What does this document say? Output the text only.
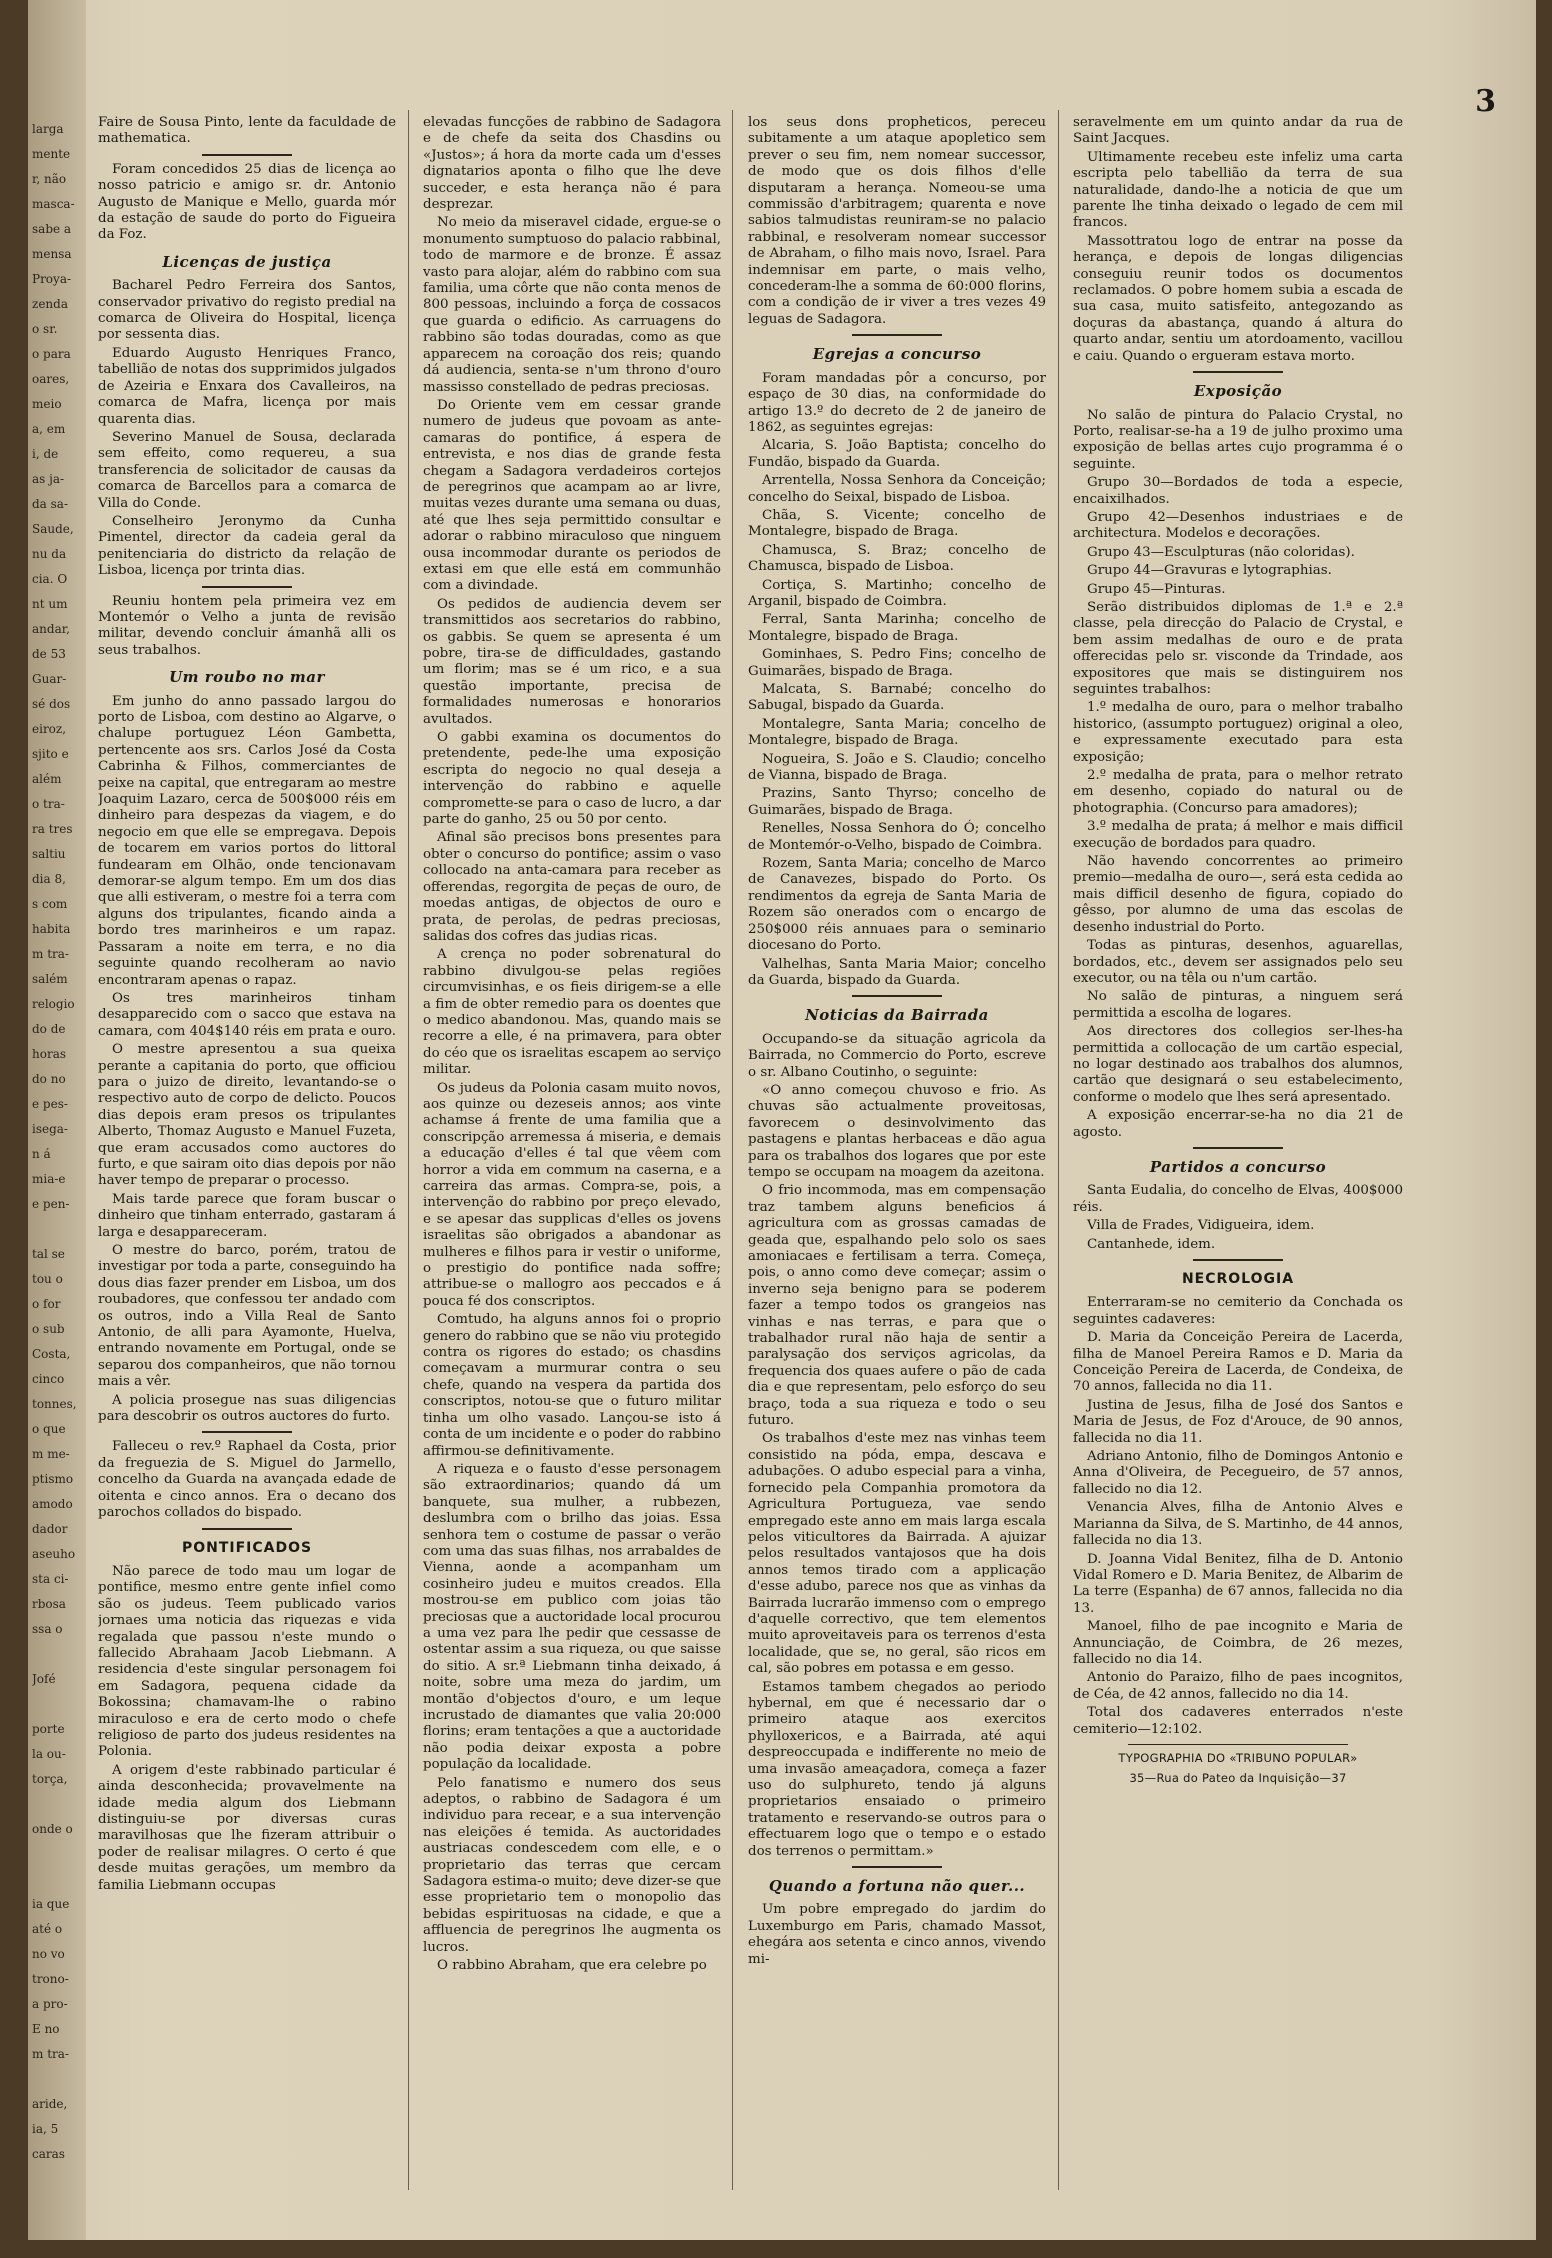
larga
mente
r, não
masca-
sabe a
mensa
Proya-
zenda
o sr.
o para
oares,
meio
a, em
i, de
as ja-
da sa-
Saude,
nu da
cia. O
nt um
andar,
de 53
Guar-
sé dos
eiroz,
sjito e
além
o tra-
ra tres
saltiu
dia 8,
s com
habita
m tra-
salém
relogio
do de
horas
do no
e pes-
isega-
n á
mia-e
e pen-
tal se
tou o
o for
o sub
Costa,
cinco
tonnes,
o que
m me-
ptismo
amodo
dador
aseuho
sta ci-
rbosa
ssa o
Jofé
porte
la ou-
torça,
onde o
ia que
até o
no vo
trono-
a pro-
E no
m tra-
aride,
ia, 5
caras
3

Faire de Sousa Pinto, lente da faculdade de mathematica.

Foram concedidos 25 dias de licença ao nosso patricio e amigo sr. dr. Antonio Augusto de Manique e Mello, guarda mór da estação de saude do porto do Figueira da Foz.

Licenças de justiça

Bacharel Pedro Ferreira dos Santos, conservador privativo do registo predial na comarca de Oliveira do Hospital, licença por sessenta dias.

Eduardo Augusto Henriques Franco, tabellião de notas dos supprimidos julgados de Azeiria e Enxara dos Cavalleiros, na comarca de Mafra, licença por mais quarenta dias.

Severino Manuel de Sousa, declarada sem effeito, como requereu, a sua transferencia de solicitador de causas da comarca de Barcellos para a comarca de Villa do Conde.

Conselheiro Jeronymo da Cunha Pimentel, director da cadeia geral da penitenciaria do districto da relação de Lisboa, licença por trinta dias.

Reuniu hontem pela primeira vez em Montemór o Velho a junta de revisão militar, devendo concluir ámanhã alli os seus trabalhos.

Um roubo no mar

Em junho do anno passado largou do porto de Lisboa, com destino ao Algarve, o chalupe portuguez Léon Gambetta, pertencente aos srs. Carlos José da Costa Cabrinha & Filhos, commerciantes de peixe na capital, que entregaram ao mestre Joaquim Lazaro, cerca de 500$000 réis em dinheiro para despezas da viagem, e do negocio em que elle se empregava. Depois de tocarem em varios portos do littoral fundearam em Olhão, onde tencionavam demorar-se algum tempo. Em um dos dias que alli estiveram, o mestre foi a terra com alguns dos tripulantes, ficando ainda a bordo tres marinheiros e um rapaz. Passaram a noite em terra, e no dia seguinte quando recolheram ao navio encontraram apenas o rapaz.

Os tres marinheiros tinham desapparecido com o sacco que estava na camara, com 404$140 réis em prata e ouro.

O mestre apresentou a sua queixa perante a capitania do porto, que officiou para o juizo de direito, levantando-se o respectivo auto de corpo de delicto. Poucos dias depois eram presos os tripulantes Alberto, Thomaz Augusto e Manuel Fuzeta, que eram accusados como auctores do furto, e que sairam oito dias depois por não haver tempo de preparar o processo.

Mais tarde parece que foram buscar o dinheiro que tinham enterrado, gastaram á larga e desappareceram.

O mestre do barco, porém, tratou de investigar por toda a parte, conseguindo ha dous dias fazer prender em Lisboa, um dos roubadores, que confessou ter andado com os outros, indo a Villa Real de Santo Antonio, de alli para Ayamonte, Huelva, entrando novamente em Portugal, onde se separou dos companheiros, que não tornou mais a vêr.

A policia prosegue nas suas diligencias para descobrir os outros auctores do furto.

Falleceu o rev.º Raphael da Costa, prior da freguezia de S. Miguel do Jarmello, concelho da Guarda na avançada edade de oitenta e cinco annos. Era o decano dos parochos collados do bispado.

PONTIFICADOS

Não parece de todo mau um logar de pontifice, mesmo entre gente infiel como são os judeus. Teem publicado varios jornaes uma noticia das riquezas e vida regalada que passou n'este mundo o fallecido Abrahaam Jacob Liebmann. A residencia d'este singular personagem foi em Sadagora, pequena cidade da Bokossina; chamavam-lhe o rabino miraculoso e era de certo modo o chefe religioso de parto dos judeus residentes na Polonia.

A origem d'este rabbinado particular é ainda desconhecida; provavelmente na idade media algum dos Liebmann distinguiu-se por diversas curas maravilhosas que lhe fizeram attribuir o poder de realisar milagres. O certo é que desde muitas gerações, um membro da familia Liebmann occupas

elevadas funcções de rabbino de Sadagora e de chefe da seita dos Chasdins ou «Justos»; á hora da morte cada um d'esses dignatarios aponta o filho que lhe deve succeder, e esta herança não é para desprezar.

No meio da miseravel cidade, ergue-se o monumento sumptuoso do palacio rabbinal, todo de marmore e de bronze. É assaz vasto para alojar, além do rabbino com sua familia, uma côrte que não conta menos de 800 pessoas, incluindo a força de cossacos que guarda o edificio. As carruagens do rabbino são todas douradas, como as que apparecem na coroação dos reis; quando dá audiencia, senta-se n'um throno d'ouro massisso constellado de pedras preciosas.

Do Oriente vem em cessar grande numero de judeus que povoam as ante-camaras do pontifice, á espera de entrevista, e nos dias de grande festa chegam a Sadagora verdadeiros cortejos de peregrinos que acampam ao ar livre, muitas vezes durante uma semana ou duas, até que lhes seja permittido consultar e adorar o rabbino miraculoso que ninguem ousa incommodar durante os periodos de extasi em que elle está em communhão com a divindade.

Os pedidos de audiencia devem ser transmittidos aos secretarios do rabbino, os gabbis. Se quem se apresenta é um pobre, tira-se de difficuldades, gastando um florim; mas se é um rico, e a sua questão importante, precisa de formalidades numerosas e honorarios avultados.

O gabbi examina os documentos do pretendente, pede-lhe uma exposição escripta do negocio no qual deseja a intervenção do rabbino e aquelle compromette-se para o caso de lucro, a dar parte do ganho, 25 ou 50 por cento.

Afinal são precisos bons presentes para obter o concurso do pontifice; assim o vaso collocado na anta-camara para receber as offerendas, regorgita de peças de ouro, de moedas antigas, de objectos de ouro e prata, de perolas, de pedras preciosas, salidas dos cofres das judias ricas.

A crença no poder sobrenatural do rabbino divulgou-se pelas regiões circumvisinhas, e os fieis dirigem-se a elle a fim de obter remedio para os doentes que o medico abandonou. Mas, quando mais se recorre a elle, é na primavera, para obter do céo que os israelitas escapem ao serviço militar.

Os judeus da Polonia casam muito novos, aos quinze ou dezeseis annos; aos vinte achamse á frente de uma familia que a conscripção arremessa á miseria, e demais a educação d'elles é tal que vêem com horror a vida em commum na caserna, e a carreira das armas. Compra-se, pois, a intervenção do rabbino por preço elevado, e se apesar das supplicas d'elles os jovens israelitas são obrigados a abandonar as mulheres e filhos para ir vestir o uniforme, o prestigio do pontifice nada soffre; attribue-se o mallogro aos peccados e á pouca fé dos conscriptos.

Comtudo, ha alguns annos foi o proprio genero do rabbino que se não viu protegido contra os rigores do estado; os chasdins começavam a murmurar contra o seu chefe, quando na vespera da partida dos conscriptos, notou-se que o futuro militar tinha um olho vasado. Lançou-se isto á conta de um incidente e o poder do rabbino affirmou-se definitivamente.

A riqueza e o fausto d'esse personagem são extraordinarios; quando dá um banquete, sua mulher, a rubbezen, deslumbra com o brilho das joias. Essa senhora tem o costume de passar o verão com uma das suas filhas, nos arrabaldes de Vienna, aonde a acompanham um cosinheiro judeu e muitos creados. Ella mostrou-se em publico com joias tão preciosas que a auctoridade local procurou a uma vez para lhe pedir que cessasse de ostentar assim a sua riqueza, ou que saisse do sitio. A sr.ª Liebmann tinha deixado, á noite, sobre uma meza do jardim, um montão d'objectos d'ouro, e um leque incrustado de diamantes que valia 20:000 florins; eram tentações a que a auctoridade não podia deixar exposta a pobre população da localidade.

Pelo fanatismo e numero dos seus adeptos, o rabbino de Sadagora é um individuo para recear, e a sua intervenção nas eleições é temida. As auctoridades austriacas condescedem com elle, e o proprietario das terras que cercam Sadagora estima-o muito; deve dizer-se que esse proprietario tem o monopolio das bebidas espirituosas na cidade, e que a affluencia de peregrinos lhe augmenta os lucros.

O rabbino Abraham, que era celebre po

los seus dons propheticos, pereceu subitamente a um ataque apopletico sem prever o seu fim, nem nomear successor, de modo que os dois filhos d'elle disputaram a herança. Nomeou-se uma commissão d'arbitragem; quarenta e nove sabios talmudistas reuniram-se no palacio rabbinal, e resolveram nomear successor de Abraham, o filho mais novo, Israel. Para indemnisar em parte, o mais velho, concederam-lhe a somma de 60:000 florins, com a condição de ir viver a tres vezes 49 leguas de Sadagora.

Egrejas a concurso

Foram mandadas pôr a concurso, por espaço de 30 dias, na conformidade do artigo 13.º do decreto de 2 de janeiro de 1862, as seguintes egrejas:

Alcaria, S. João Baptista; concelho do Fundão, bispado da Guarda.

Arrentella, Nossa Senhora da Conceição; concelho do Seixal, bispado de Lisboa.

Chãa, S. Vicente; concelho de Montalegre, bispado de Braga.

Chamusca, S. Braz; concelho de Chamusca, bispado de Lisboa.

Cortiça, S. Martinho; concelho de Arganil, bispado de Coimbra.

Ferral, Santa Marinha; concelho de Montalegre, bispado de Braga.

Gominhaes, S. Pedro Fins; concelho de Guimarães, bispado de Braga.

Malcata, S. Barnabé; concelho do Sabugal, bispado da Guarda.

Montalegre, Santa Maria; concelho de Montalegre, bispado de Braga.

Nogueira, S. João e S. Claudio; concelho de Vianna, bispado de Braga.

Prazins, Santo Thyrso; concelho de Guimarães, bispado de Braga.

Renelles, Nossa Senhora do Ó; concelho de Montemór-o-Velho, bispado de Coimbra.

Rozem, Santa Maria; concelho de Marco de Canavezes, bispado do Porto. Os rendimentos da egreja de Santa Maria de Rozem são onerados com o encargo de 250$000 réis annuaes para o seminario diocesano do Porto.

Valhelhas, Santa Maria Maior; concelho da Guarda, bispado da Guarda.

Noticias da Bairrada

Occupando-se da situação agricola da Bairrada, no Commercio do Porto, escreve o sr. Albano Coutinho, o seguinte:

«O anno começou chuvoso e frio. As chuvas são actualmente proveitosas, favorecem o desinvolvimento das pastagens e plantas herbaceas e dão agua para os trabalhos dos logares que por este tempo se occupam na moagem da azeitona.

O frio incommoda, mas em compensação traz tambem alguns beneficios á agricultura com as grossas camadas de geada que, espalhando pelo solo os saes amoniacaes e fertilisam a terra. Começa, pois, o anno como deve começar; assim o inverno seja benigno para se poderem fazer a tempo todos os grangeios nas vinhas e nas terras, e para que o trabalhador rural não haja de sentir a paralysação dos serviços agricolas, da frequencia dos quaes aufere o pão de cada dia e que representam, pelo esforço do seu braço, toda a sua riqueza e todo o seu futuro.

Os trabalhos d'este mez nas vinhas teem consistido na póda, empa, descava e adubações. O adubo especial para a vinha, fornecido pela Companhia promotora da Agricultura Portugueza, vae sendo empregado este anno em mais larga escala pelos viticultores da Bairrada. A ajuizar pelos resultados vantajosos que ha dois annos temos tirado com a applicação d'esse adubo, parece nos que as vinhas da Bairrada lucrarão immenso com o emprego d'aquelle correctivo, que tem elementos muito aproveitaveis para os terrenos d'esta localidade, que se, no geral, são ricos em cal, são pobres em potassa e em gesso.

Estamos tambem chegados ao periodo hybernal, em que é necessario dar o primeiro ataque aos exercitos phylloxericos, e a Bairrada, até aqui despreoccupada e indifferente no meio de uma invasão ameaçadora, começa a fazer uso do sulphureto, tendo já alguns proprietarios ensaiado o primeiro tratamento e reservando-se outros para o effectuarem logo que o tempo e o estado dos terrenos o permittam.»

Quando a fortuna não quer...

Um pobre empregado do jardim do Luxemburgo em Paris, chamado Massot, ehegára aos setenta e cinco annos, vivendo mi-

seravelmente em um quinto andar da rua de Saint Jacques.

Ultimamente recebeu este infeliz uma carta escripta pelo tabellião da terra de sua naturalidade, dando-lhe a noticia de que um parente lhe tinha deixado o legado de cem mil francos.

Massottratou logo de entrar na posse da herança, e depois de longas diligencias conseguiu reunir todos os documentos reclamados. O pobre homem subia a escada de sua casa, muito satisfeito, antegozando as doçuras da abastança, quando á altura do quarto andar, sentiu um atordoamento, vacillou e caiu. Quando o ergueram estava morto.

Exposição

No salão de pintura do Palacio Crystal, no Porto, realisar-se-ha a 19 de julho proximo uma exposição de bellas artes cujo programma é o seguinte.

Grupo 30—Bordados de toda a especie, encaixilhados.

Grupo 42—Desenhos industriaes e de architectura. Modelos e decorações.

Grupo 43—Esculpturas (não coloridas).

Grupo 44—Gravuras e lytographias.

Grupo 45—Pinturas.

Serão distribuidos diplomas de 1.ª e 2.ª classe, pela direcção do Palacio de Crystal, e bem assim medalhas de ouro e de prata offerecidas pelo sr. visconde da Trindade, aos expositores que mais se distinguirem nos seguintes trabalhos:

1.º medalha de ouro, para o melhor trabalho historico, (assumpto portuguez) original a oleo, e expressamente executado para esta exposição;

2.º medalha de prata, para o melhor retrato em desenho, copiado do natural ou de photographia. (Concurso para amadores);

3.º medalha de prata; á melhor e mais difficil execução de bordados para quadro.

Não havendo concorrentes ao primeiro premio—medalha de ouro—, será esta cedida ao mais difficil desenho de figura, copiado do gêsso, por alumno de uma das escolas de desenho industrial do Porto.

Todas as pinturas, desenhos, aguarellas, bordados, etc., devem ser assignados pelo seu executor, ou na têla ou n'um cartão.

No salão de pinturas, a ninguem será permittida a escolha de logares.

Aos directores dos collegios ser-lhes-ha permittida a collocação de um cartão especial, no logar destinado aos trabalhos dos alumnos, cartão que designará o seu estabelecimento, conforme o modelo que lhes será apresentado.

A exposição encerrar-se-ha no dia 21 de agosto.

Partidos a concurso

Santa Eudalia, do concelho de Elvas, 400$000 réis.

Villa de Frades, Vidigueira, idem.

Cantanhede, idem.

NECROLOGIA

Enterraram-se no cemiterio da Conchada os seguintes cadaveres:

D. Maria da Conceição Pereira de Lacerda, filha de Manoel Pereira Ramos e D. Maria da Conceição Pereira de Lacerda, de Condeixa, de 70 annos, fallecida no dia 11.

Justina de Jesus, filha de José dos Santos e Maria de Jesus, de Foz d'Arouce, de 90 annos, fallecida no dia 11.

Adriano Antonio, filho de Domingos Antonio e Anna d'Oliveira, de Pecegueiro, de 57 annos, fallecido no dia 12.

Venancia Alves, filha de Antonio Alves e Marianna da Silva, de S. Martinho, de 44 annos, fallecida no dia 13.

D. Joanna Vidal Benitez, filha de D. Antonio Vidal Romero e D. Maria Benitez, de Albarim de La terre (Espanha) de 67 annos, fallecida no dia 13.

Manoel, filho de pae incognito e Maria de Annunciação, de Coimbra, de 26 mezes, fallecido no dia 14.

Antonio do Paraizo, filho de paes incognitos, de Céa, de 42 annos, fallecido no dia 14.

Total dos cadaveres enterrados n'este cemiterio—12:102.

TYPOGRAPHIA DO «TRIBUNO POPULAR»
35—Rua do Pateo da Inquisição—37
